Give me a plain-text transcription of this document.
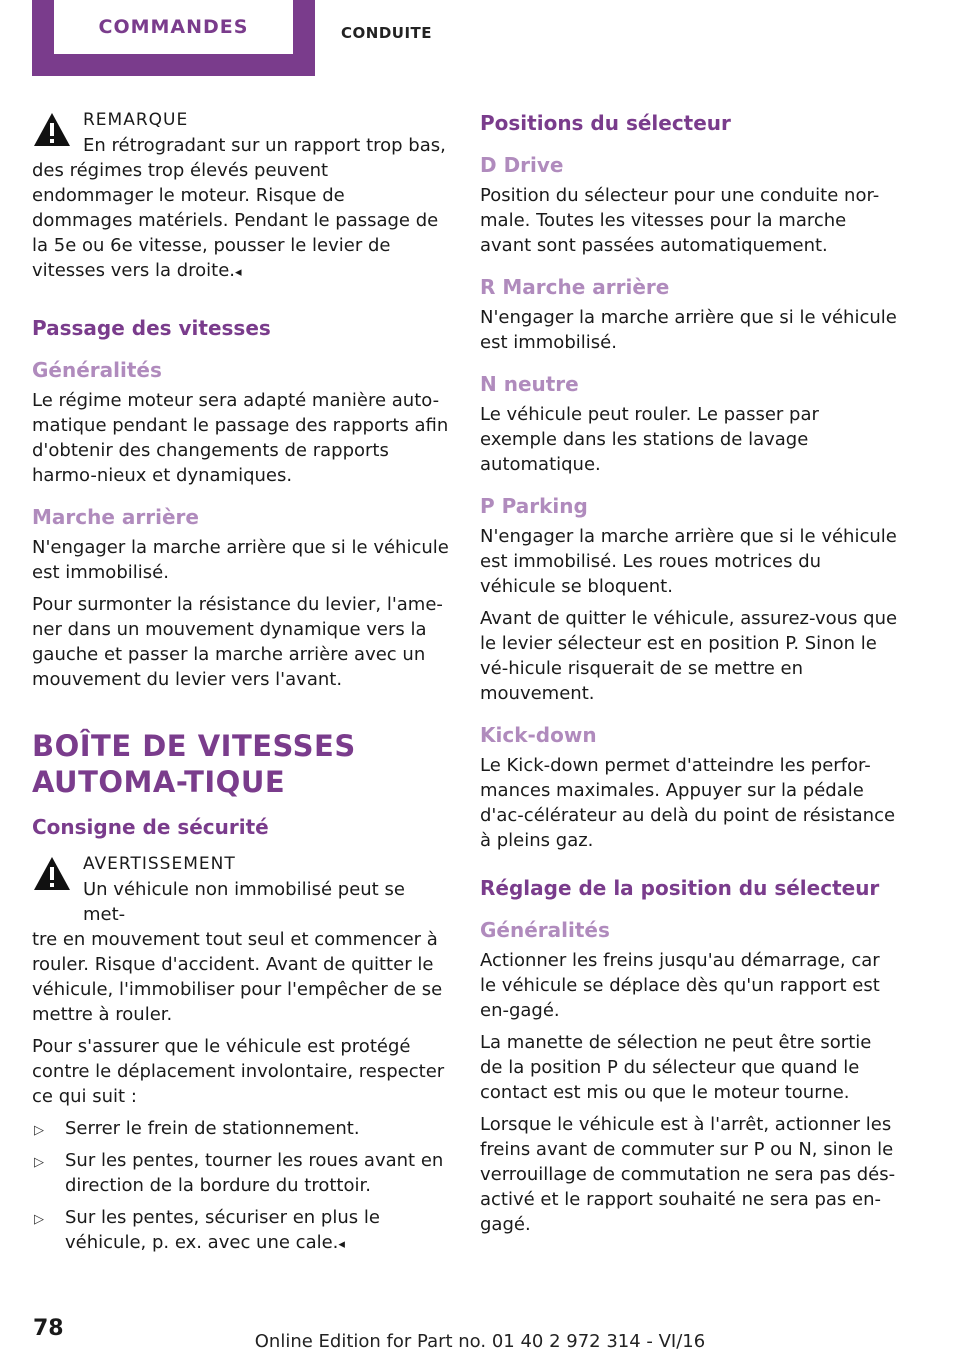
COMMANDES	CONDUITE
REMARQUE
En rétrogradant sur un rapport trop bas,

des régimes trop élevés peuvent endommager le moteur. Risque de dommages matériels. Pendant le passage de la 5e ou 6e vitesse, pousser le levier de vitesses vers la droite.◂

Passage des vitesses
Généralités

Le régime moteur sera adapté manière auto-matique pendant le passage des rapports afin d'obtenir des changements de rapports harmo-nieux et dynamiques.

Marche arrière

N'engager la marche arrière que si le véhicule est immobilisé.

Pour surmonter la résistance du levier, l'ame-ner dans un mouvement dynamique vers la gauche et passer la marche arrière avec un mouvement du levier vers l'avant.

BOÎTE DE VITESSES AUTOMA-TIQUE
Consigne de sécurité
AVERTISSEMENT
Un véhicule non immobilisé peut se met-

tre en mouvement tout seul et commencer à rouler. Risque d'accident. Avant de quitter le véhicule, l'immobiliser pour l'empêcher de se mettre à rouler.

Pour s'assurer que le véhicule est protégé contre le déplacement involontaire, respecter ce qui suit :

▷ Serrer le frein de stationnement.
▷ Sur les pentes, tourner les roues avant en direction de la bordure du trottoir.
▷ Sur les pentes, sécuriser en plus le véhicule, p. ex. avec une cale.◂
Positions du sélecteur
D Drive

Position du sélecteur pour une conduite nor-male. Toutes les vitesses pour la marche avant sont passées automatiquement.

R Marche arrière

N'engager la marche arrière que si le véhicule est immobilisé.

N neutre

Le véhicule peut rouler. Le passer par exemple dans les stations de lavage automatique.

P Parking

N'engager la marche arrière que si le véhicule est immobilisé. Les roues motrices du véhicule se bloquent.

Avant de quitter le véhicule, assurez-vous que le levier sélecteur est en position P. Sinon le vé-hicule risquerait de se mettre en mouvement.

Kick-down

Le Kick-down permet d'atteindre les perfor-mances maximales. Appuyer sur la pédale d'ac-célérateur au delà du point de résistance à pleins gaz.

Réglage de la position du sélecteur
Généralités

Actionner les freins jusqu'au démarrage, car le véhicule se déplace dès qu'un rapport est en-gagé.

La manette de sélection ne peut être sortie de la position P du sélecteur que quand le contact est mis ou que le moteur tourne.

Lorsque le véhicule est à l'arrêt, actionner les freins avant de commuter sur P ou N, sinon le verrouillage de commutation ne sera pas dés-activé et le rapport souhaité ne sera pas en-gagé.

78
Online Edition for Part no. 01 40 2 972 314 - VI/16
